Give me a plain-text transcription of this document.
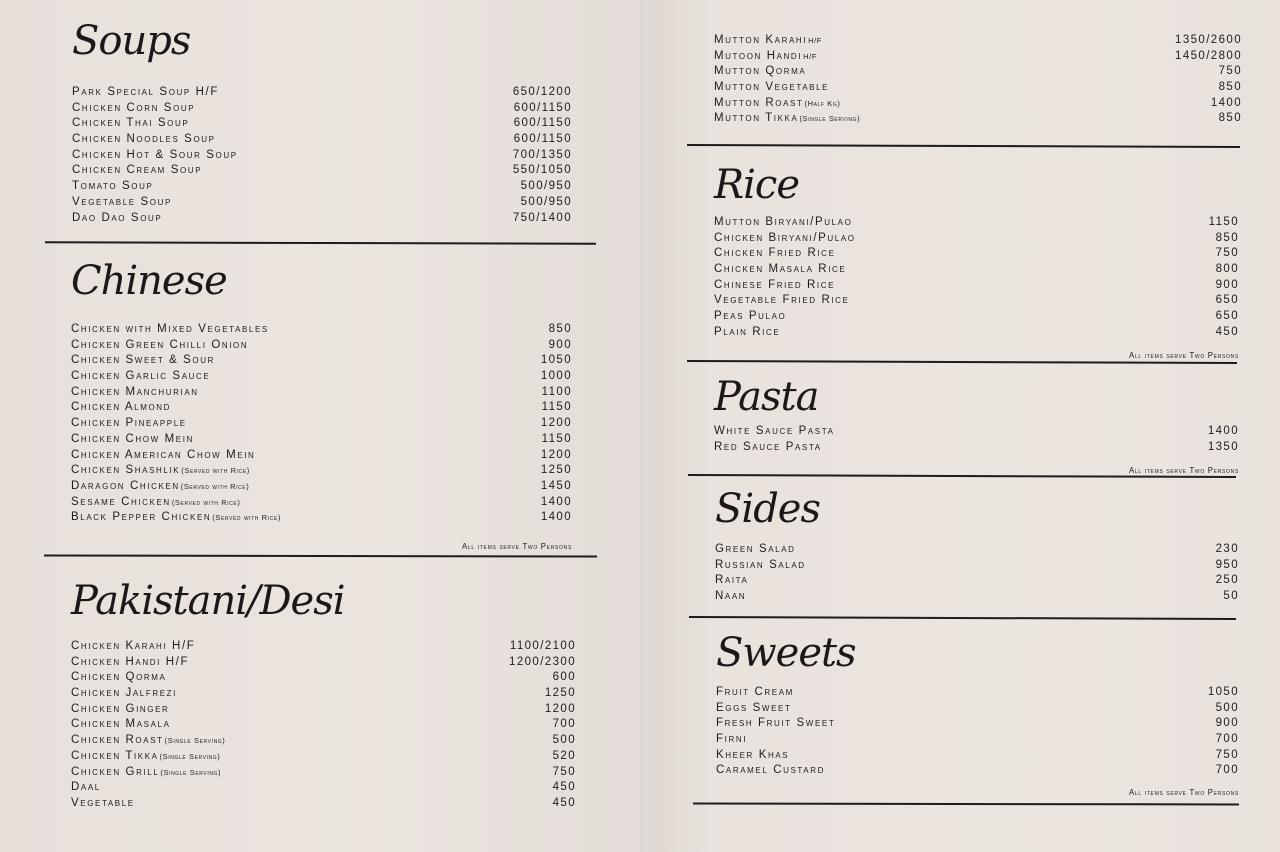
Soups
Park Special Soup H/F	650/1200
Chicken Corn Soup	600/1150
Chicken Thai Soup	600/1150
Chicken Noodles Soup	600/1150
Chicken Hot & Sour Soup	700/1350
Chicken Cream Soup	550/1050
Tomato Soup	500/950
Vegetable Soup	500/950
Dao Dao Soup	750/1400
Chinese
Chicken with Mixed Vegetables	850
Chicken Green Chilli Onion	900
Chicken Sweet & Sour	1050
Chicken Garlic Sauce	1000
Chicken Manchurian	1100
Chicken Almond	1150
Chicken Pineapple	1200
Chicken Chow Mein	1150
Chicken American Chow Mein	1200
Chicken Shashlik(Served with Rice)	1250
Daragon Chicken(Served with Rice)	1450
Sesame Chicken(Served with Rice)	1400
Black Pepper Chicken(Served with Rice)	1400
All items serve Two Persons
Pakistani/Desi
Chicken Karahi H/F	1100/2100
Chicken Handi H/F	1200/2300
Chicken Qorma	600
Chicken Jalfrezi	1250
Chicken Ginger	1200
Chicken Masala	700
Chicken Roast(Single Serving)	500
Chicken Tikka(Single Serving)	520
Chicken Grill(Single Serving)	750
Daal	450
Vegetable	450
Mutton KarahiH/F	1350/2600
Mutoon HandiH/F	1450/2800
Mutton Qorma	750
Mutton Vegetable	850
Mutton Roast(Half Kg)	1400
Mutton Tikka(Single Serving)	850
Rice
Mutton Biryani/Pulao	1150
Chicken Biryani/Pulao	850
Chicken Fried Rice	750
Chicken Masala Rice	800
Chinese Fried Rice	900
Vegetable Fried Rice	650
Peas Pulao	650
Plain Rice	450
All items serve Two Persons
Pasta
White Sauce Pasta	1400
Red Sauce Pasta	1350
All items serve Two Persons
Sides
Green Salad	230
Russian Salad	950
Raita	250
Naan	50
Sweets
Fruit Cream	1050
Eggs Sweet	500
Fresh Fruit Sweet	900
Firni	700
Kheer Khas	750
Caramel Custard	700
All items serve Two Persons
